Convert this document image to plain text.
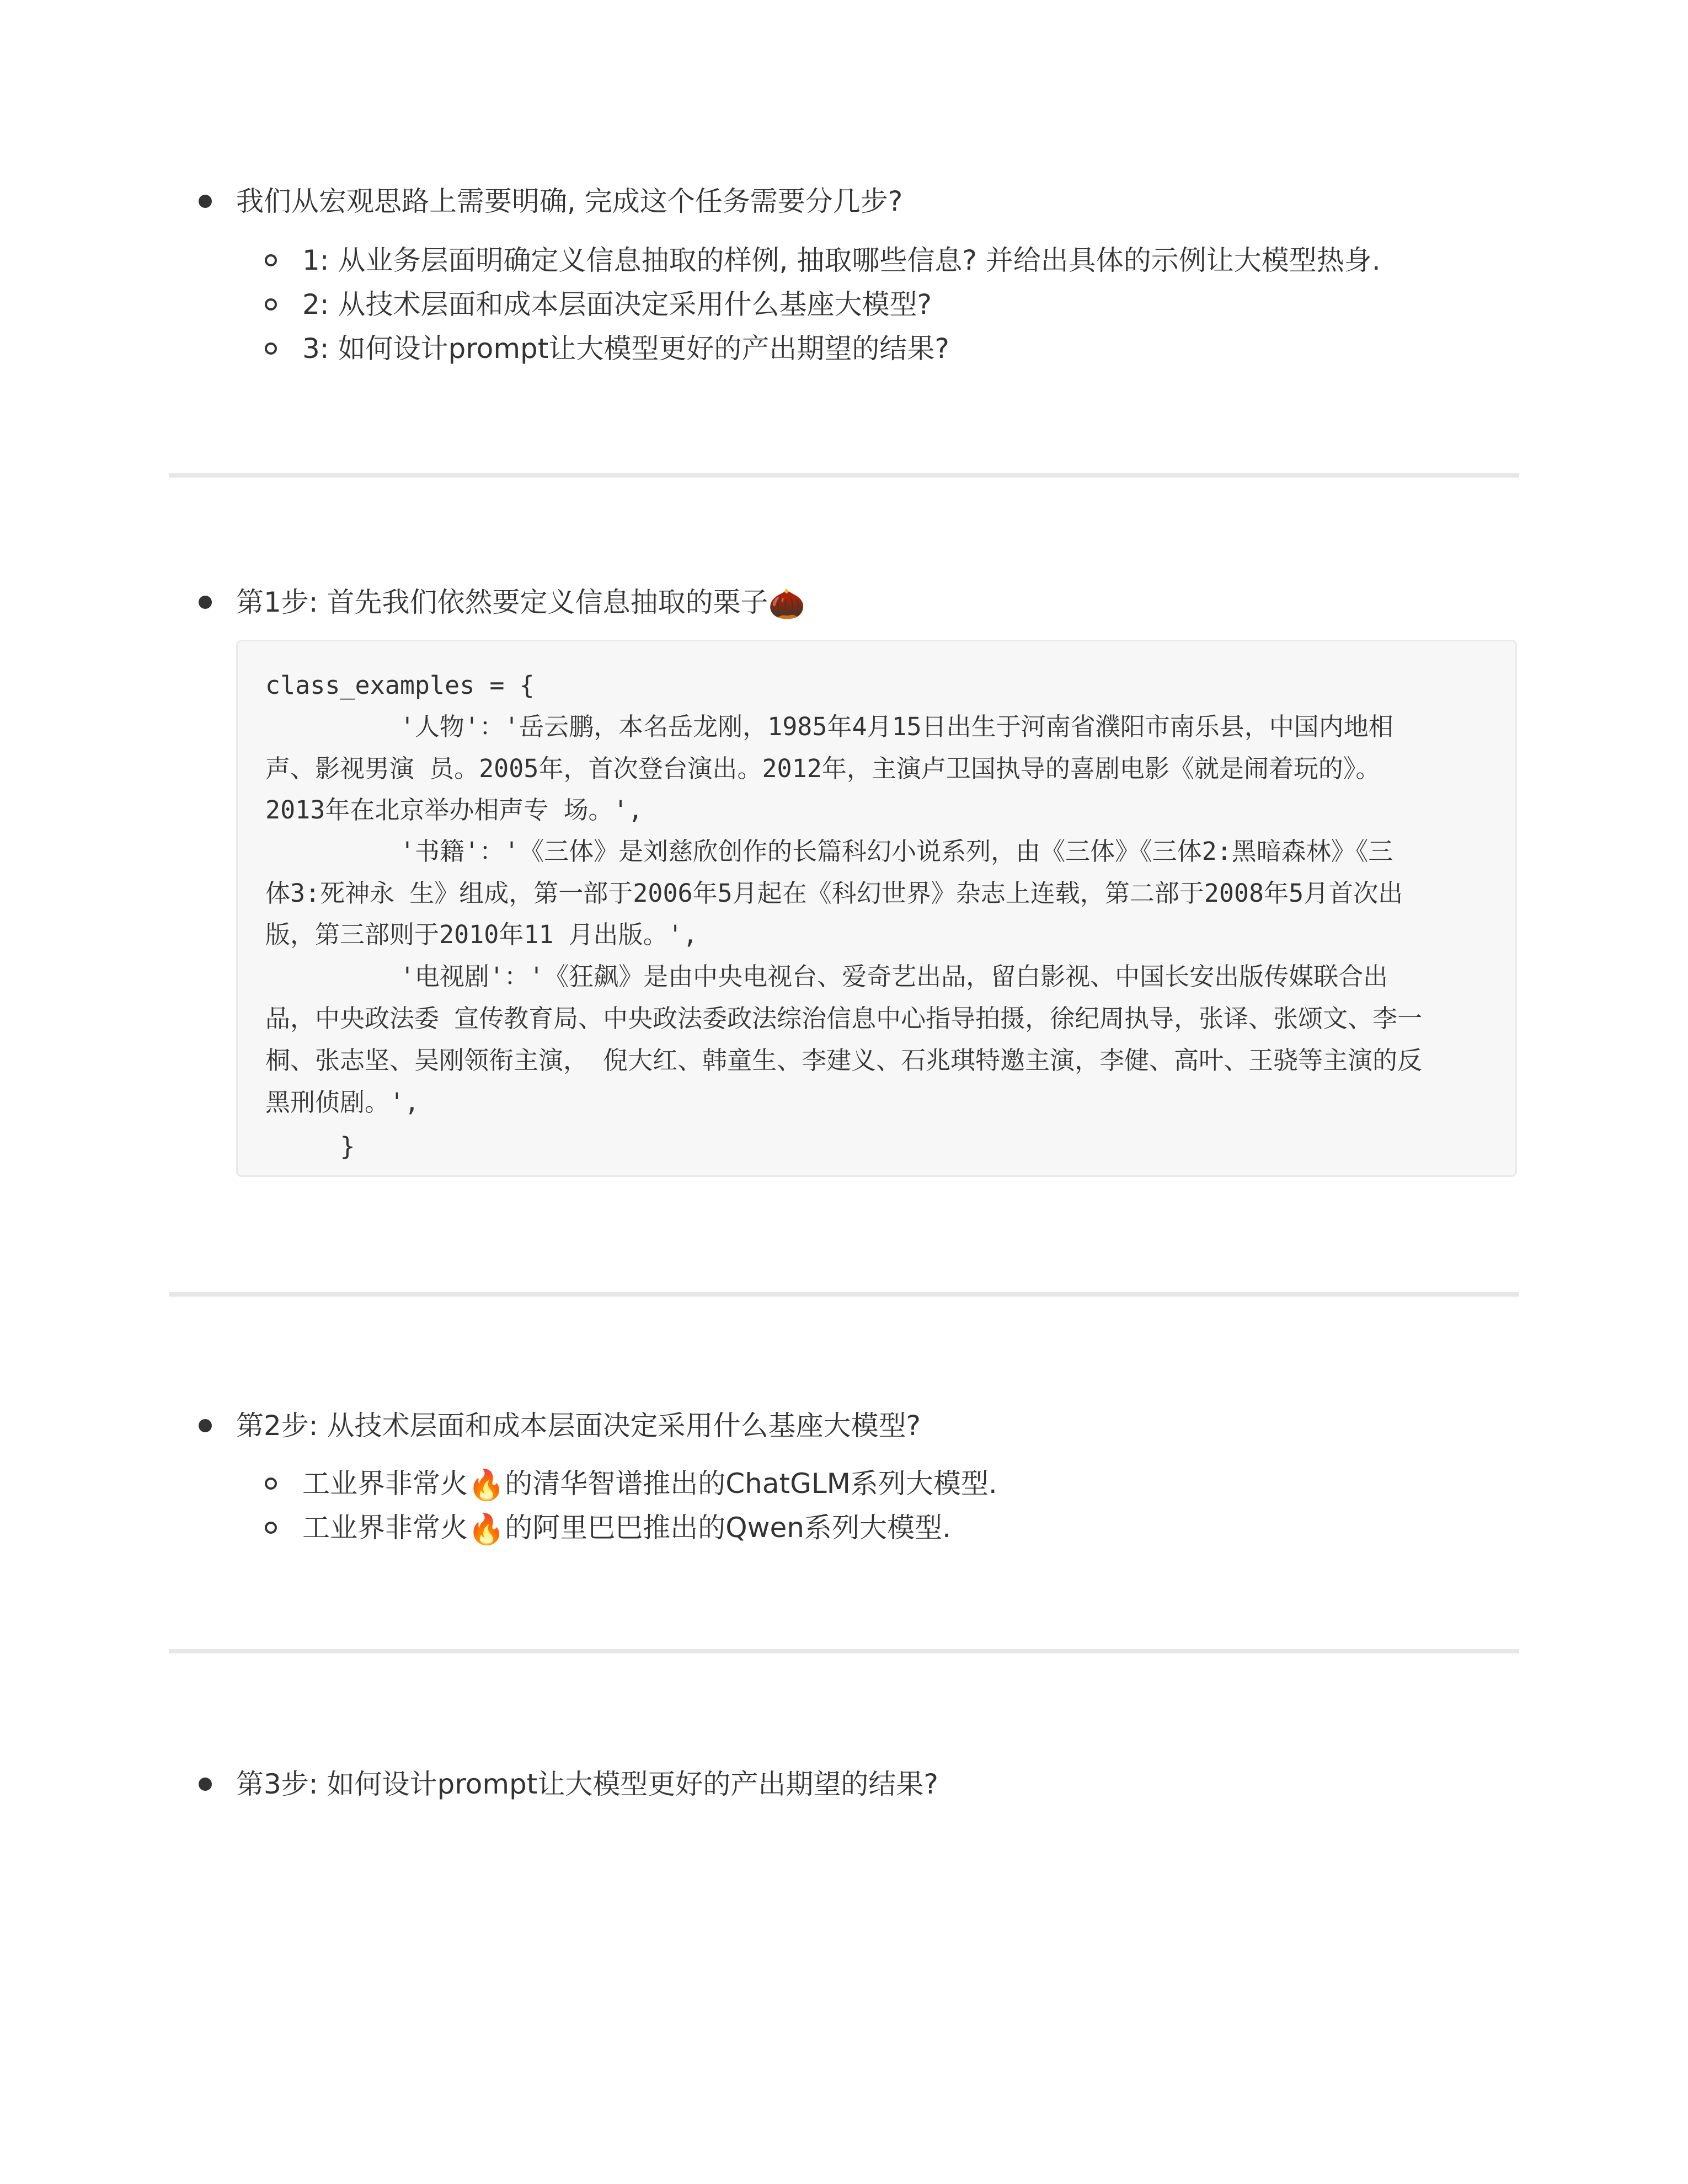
我们从宏观思路上需要明确, 完成这个任务需要分几步?
1: 从业务层面明确定义信息抽取的样例, 抽取哪些信息? 并给出具体的示例让大模型热身.
2: 从技术层面和成本层面决定采用什么基座大模型?
3: 如何设计prompt让大模型更好的产出期望的结果?
第1步: 首先我们依然要定义信息抽取的栗子🌰
class_examples = {
'人物'：'岳云鹏，本名岳龙刚，1985年4月15日出生于河南省濮阳市南乐县，中国内地相
声、影视男演 员。2005年，首次登台演出。2012年，主演卢卫国执导的喜剧电影《就是闹着玩的》。
2013年在北京举办相声专 场。',
'书籍'：'《三体》是刘慈欣创作的长篇科幻小说系列，由《三体》《三体2:黑暗森林》《三
体3:死神永 生》组成，第一部于2006年5月起在《科幻世界》杂志上连载，第二部于2008年5月首次出
版，第三部则于2010年11 月出版。',
'电视剧'：'《狂飙》是由中央电视台、爱奇艺出品，留白影视、中国长安出版传媒联合出
品，中央政法委 宣传教育局、中央政法委政法综治信息中心指导拍摄，徐纪周执导，张译、张颂文、李一
桐、张志坚、吴刚领衔主演， 倪大红、韩童生、李建义、石兆琪特邀主演，李健、高叶、王骁等主演的反
黑刑侦剧。',
}
第2步: 从技术层面和成本层面决定采用什么基座大模型?
工业界非常火🔥的清华智谱推出的ChatGLM系列大模型.
工业界非常火🔥的阿里巴巴推出的Qwen系列大模型.
第3步: 如何设计prompt让大模型更好的产出期望的结果?
